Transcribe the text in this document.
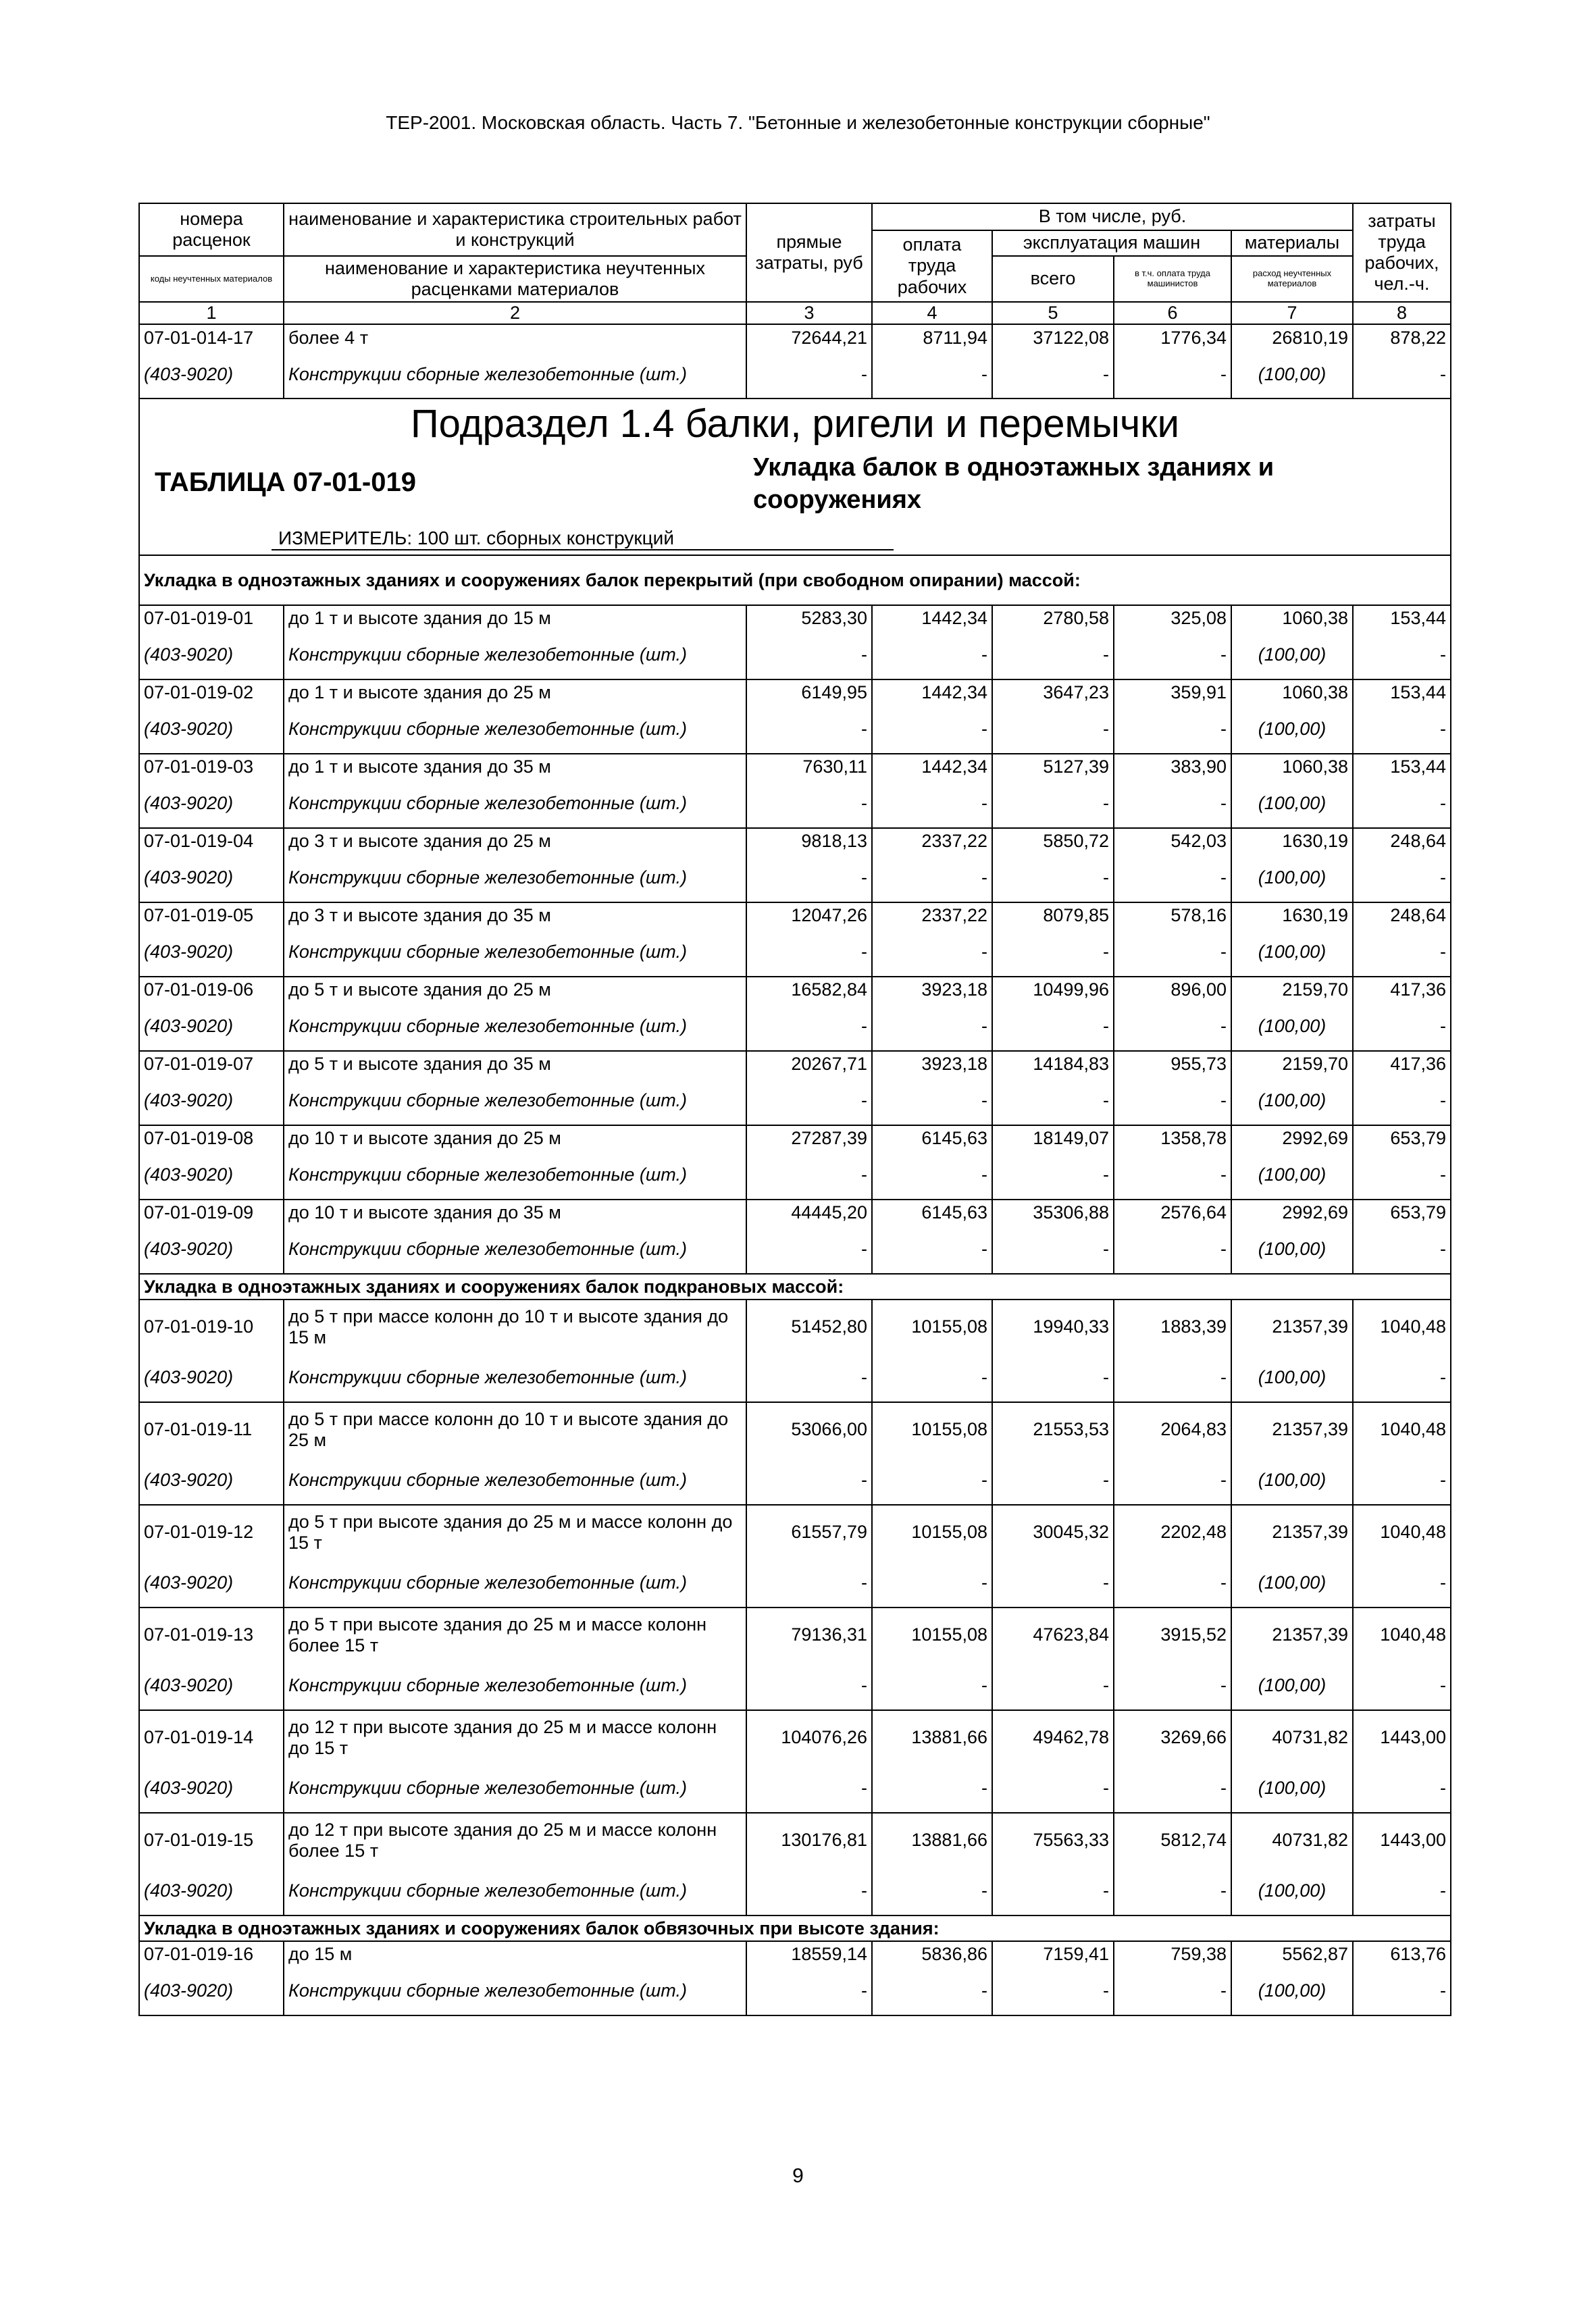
ТЕР-2001. Московская область. Часть 7. "Бетонные и железобетонные конструкции сборные"
номера расценок	наименование и характеристика строительных работ и конструкций	прямые затраты, руб	В том числе, руб.				затраты труда рабочих, чел.-ч.
			оплата труда рабочих	эксплуатация машин		материалы	
коды неучтенных материалов	наименование и характеристика неучтенных расценками материалов			всего	в т.ч. оплата труда машинистов	расход неучтенных материалов	

1	2	3	4	5	6	7	8
07-01-014-17	более 4 т	72644,21	8711,94	37122,08	1776,34	26810,19	878,22
(403-9020)	Конструкции сборные железобетонные (шт.)	-	-	-	-	(100,00)	-

Подраздел 1.4 балки, ригели и перемычки
ТАБЛИЦА 07-01-019 Укладка балок в одноэтажных зданиях и сооружениях
ИЗМЕРИТЕЛЬ: 100 шт. сборных конструкций							

Укладка в одноэтажных зданиях и сооружениях балок перекрытий (при свободном опирании) массой:							
07-01-019-01	до 1 т и высоте здания до 15 м	5283,30	1442,34	2780,58	325,08	1060,38	153,44
(403-9020)	Конструкции сборные железобетонные (шт.)	-	-	-	-	(100,00)	-
07-01-019-02	до 1 т и высоте здания до 25 м	6149,95	1442,34	3647,23	359,91	1060,38	153,44
(403-9020)	Конструкции сборные железобетонные (шт.)	-	-	-	-	(100,00)	-
07-01-019-03	до 1 т и высоте здания до 35 м	7630,11	1442,34	5127,39	383,90	1060,38	153,44
(403-9020)	Конструкции сборные железобетонные (шт.)	-	-	-	-	(100,00)	-
07-01-019-04	до 3 т и высоте здания до 25 м	9818,13	2337,22	5850,72	542,03	1630,19	248,64
(403-9020)	Конструкции сборные железобетонные (шт.)	-	-	-	-	(100,00)	-
07-01-019-05	до 3 т и высоте здания до 35 м	12047,26	2337,22	8079,85	578,16	1630,19	248,64
(403-9020)	Конструкции сборные железобетонные (шт.)	-	-	-	-	(100,00)	-
07-01-019-06	до 5 т и высоте здания до 25 м	16582,84	3923,18	10499,96	896,00	2159,70	417,36
(403-9020)	Конструкции сборные железобетонные (шт.)	-	-	-	-	(100,00)	-
07-01-019-07	до 5 т и высоте здания до 35 м	20267,71	3923,18	14184,83	955,73	2159,70	417,36
(403-9020)	Конструкции сборные железобетонные (шт.)	-	-	-	-	(100,00)	-
07-01-019-08	до 10 т и высоте здания до 25 м	27287,39	6145,63	18149,07	1358,78	2992,69	653,79
(403-9020)	Конструкции сборные железобетонные (шт.)	-	-	-	-	(100,00)	-
07-01-019-09	до 10 т и высоте здания до 35 м	44445,20	6145,63	35306,88	2576,64	2992,69	653,79
(403-9020)	Конструкции сборные железобетонные (шт.)	-	-	-	-	(100,00)	-
Укладка в одноэтажных зданиях и сооружениях балок подкрановых массой:							
07-01-019-10	до 5 т при массе колонн до 10 т и высоте здания до 15 м	51452,80	10155,08	19940,33	1883,39	21357,39	1040,48
(403-9020)	Конструкции сборные железобетонные (шт.)	-	-	-	-	(100,00)	-
07-01-019-11	до 5 т при массе колонн до 10 т и высоте здания до 25 м	53066,00	10155,08	21553,53	2064,83	21357,39	1040,48
(403-9020)	Конструкции сборные железобетонные (шт.)	-	-	-	-	(100,00)	-
07-01-019-12	до 5 т при высоте здания до 25 м и массе колонн до 15 т	61557,79	10155,08	30045,32	2202,48	21357,39	1040,48
(403-9020)	Конструкции сборные железобетонные (шт.)	-	-	-	-	(100,00)	-
07-01-019-13	до 5 т при высоте здания до 25 м и массе колонн более 15 т	79136,31	10155,08	47623,84	3915,52	21357,39	1040,48
(403-9020)	Конструкции сборные железобетонные (шт.)	-	-	-	-	(100,00)	-
07-01-019-14	до 12 т при высоте здания до 25 м и массе колонн до 15 т	104076,26	13881,66	49462,78	3269,66	40731,82	1443,00
(403-9020)	Конструкции сборные железобетонные (шт.)	-	-	-	-	(100,00)	-
07-01-019-15	до 12 т при высоте здания до 25 м и массе колонн более 15 т	130176,81	13881,66	75563,33	5812,74	40731,82	1443,00
(403-9020)	Конструкции сборные железобетонные (шт.)	-	-	-	-	(100,00)	-
Укладка в одноэтажных зданиях и сооружениях балок обвязочных при высоте здания:							
07-01-019-16	до 15 м	18559,14	5836,86	7159,41	759,38	5562,87	613,76
(403-9020)	Конструкции сборные железобетонные (шт.)	-	-	-	-	(100,00)	-
9
